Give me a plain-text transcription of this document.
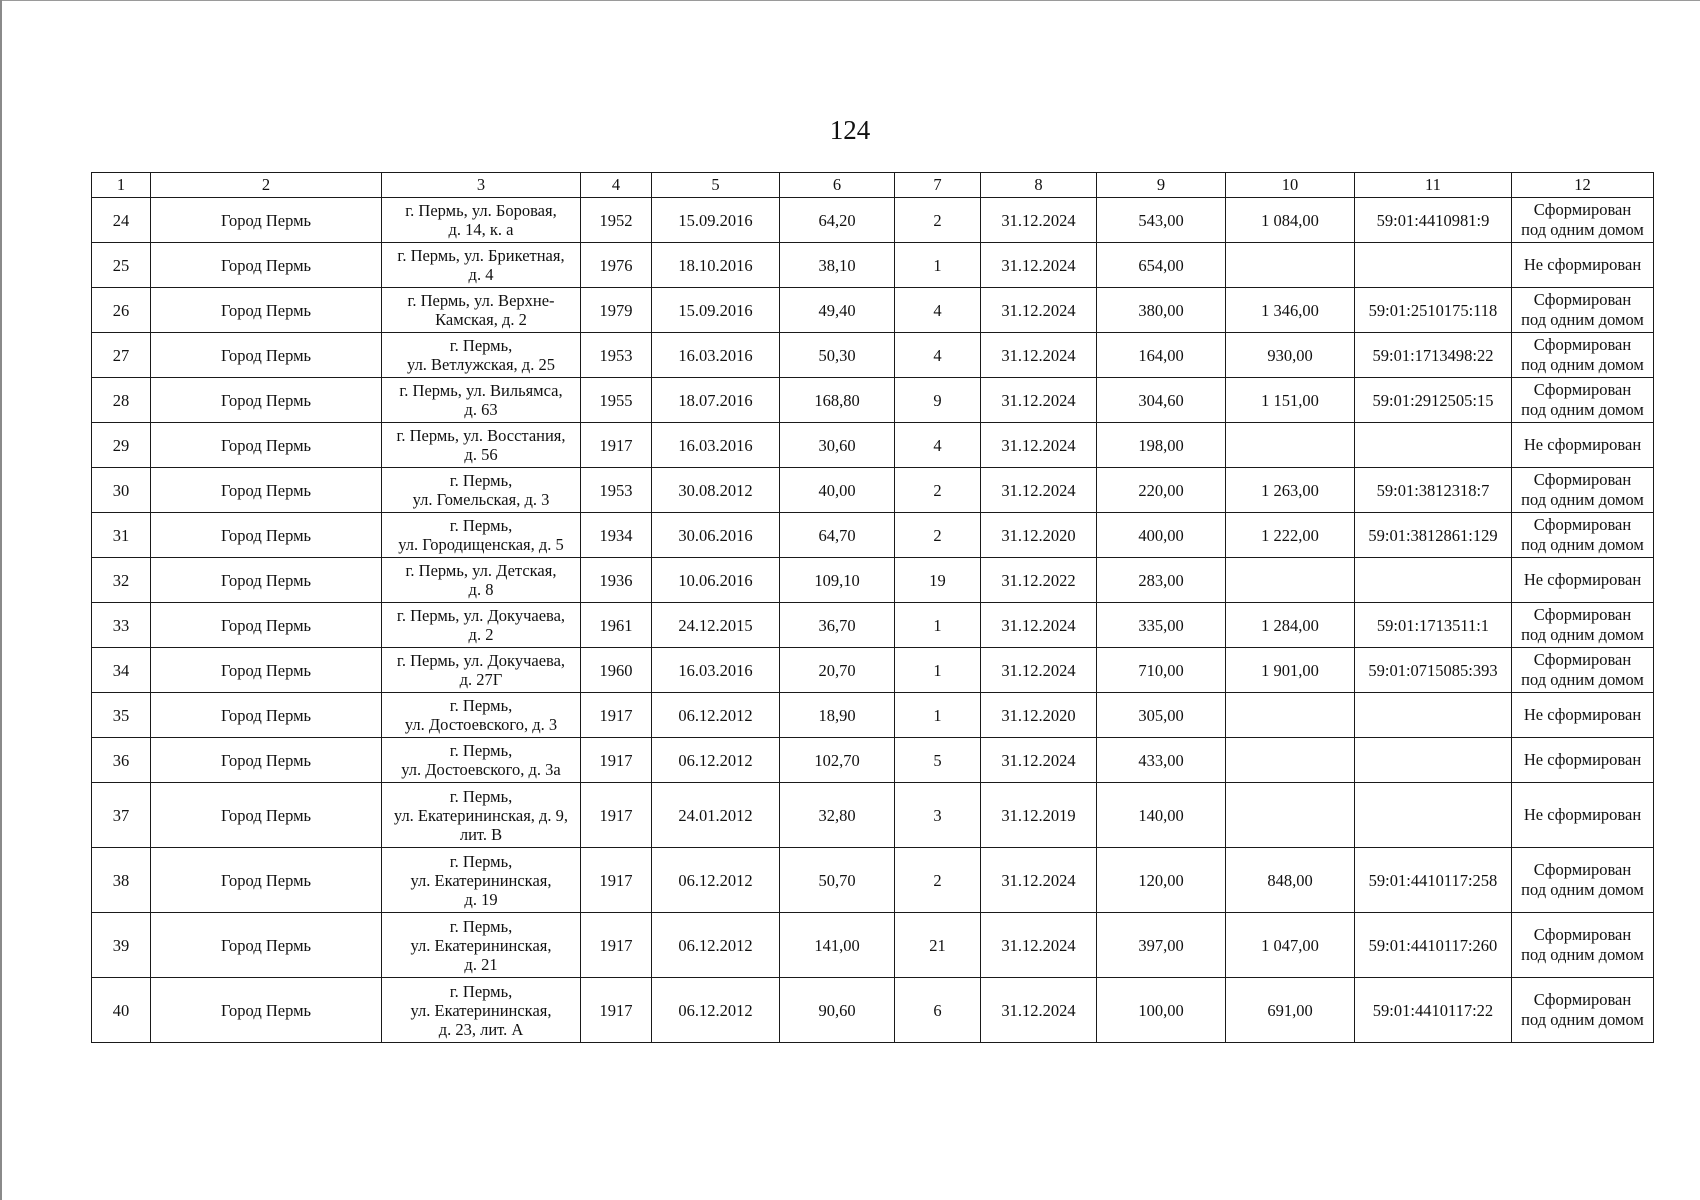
124
1	2	3	4	5	6	7	8	9	10	11	12
24	Город Пермь	г. Пермь, ул. Боровая,
д. 14, к. а	1952	15.09.2016	64,20	2	31.12.2024	543,00	1 084,00	59:01:4410981:9	Сформирован
под одним домом
25	Город Пермь	г. Пермь, ул. Брикетная,
д. 4	1976	18.10.2016	38,10	1	31.12.2024	654,00			Не сформирован
26	Город Пермь	г. Пермь, ул. Верхне-
Камская, д. 2	1979	15.09.2016	49,40	4	31.12.2024	380,00	1 346,00	59:01:2510175:118	Сформирован
под одним домом
27	Город Пермь	г. Пермь,
ул. Ветлужская, д. 25	1953	16.03.2016	50,30	4	31.12.2024	164,00	930,00	59:01:1713498:22	Сформирован
под одним домом
28	Город Пермь	г. Пермь, ул. Вильямса,
д. 63	1955	18.07.2016	168,80	9	31.12.2024	304,60	1 151,00	59:01:2912505:15	Сформирован
под одним домом
29	Город Пермь	г. Пермь, ул. Восстания,
д. 56	1917	16.03.2016	30,60	4	31.12.2024	198,00			Не сформирован
30	Город Пермь	г. Пермь,
ул. Гомельская, д. 3	1953	30.08.2012	40,00	2	31.12.2024	220,00	1 263,00	59:01:3812318:7	Сформирован
под одним домом
31	Город Пермь	г. Пермь,
ул. Городищенская, д. 5	1934	30.06.2016	64,70	2	31.12.2020	400,00	1 222,00	59:01:3812861:129	Сформирован
под одним домом
32	Город Пермь	г. Пермь, ул. Детская,
д. 8	1936	10.06.2016	109,10	19	31.12.2022	283,00			Не сформирован
33	Город Пермь	г. Пермь, ул. Докучаева,
д. 2	1961	24.12.2015	36,70	1	31.12.2024	335,00	1 284,00	59:01:1713511:1	Сформирован
под одним домом
34	Город Пермь	г. Пермь, ул. Докучаева,
д. 27Г	1960	16.03.2016	20,70	1	31.12.2024	710,00	1 901,00	59:01:0715085:393	Сформирован
под одним домом
35	Город Пермь	г. Пермь,
ул. Достоевского, д. 3	1917	06.12.2012	18,90	1	31.12.2020	305,00			Не сформирован
36	Город Пермь	г. Пермь,
ул. Достоевского, д. 3а	1917	06.12.2012	102,70	5	31.12.2024	433,00			Не сформирован
37	Город Пермь	г. Пермь,
ул. Екатерининская, д. 9,
лит. В	1917	24.01.2012	32,80	3	31.12.2019	140,00			Не сформирован
38	Город Пермь	г. Пермь,
ул. Екатерининская,
д. 19	1917	06.12.2012	50,70	2	31.12.2024	120,00	848,00	59:01:4410117:258	Сформирован
под одним домом
39	Город Пермь	г. Пермь,
ул. Екатерининская,
д. 21	1917	06.12.2012	141,00	21	31.12.2024	397,00	1 047,00	59:01:4410117:260	Сформирован
под одним домом
40	Город Пермь	г. Пермь,
ул. Екатерининская,
д. 23, лит. А	1917	06.12.2012	90,60	6	31.12.2024	100,00	691,00	59:01:4410117:22	Сформирован
под одним домом
